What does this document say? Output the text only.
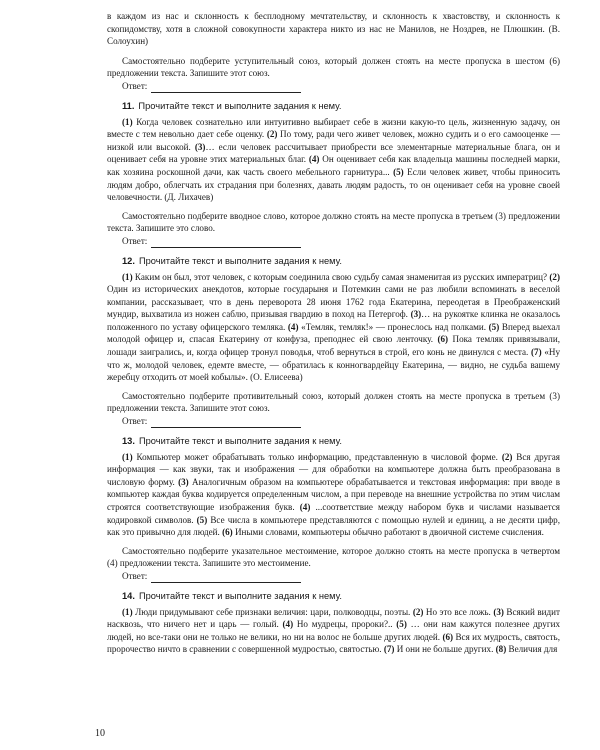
в каждом из нас и склонность к бесплодному мечтательству, и склонность к хвастовству, и склонность к скопидомству, хотя в сложной совокупности характера никто из нас не Манилов, не Ноздрев, не Плюшкин. (В. Солоухин)

Самостоятельно подберите уступительный союз, который должен стоять на месте пропуска в шестом (6) предложении текста. Запишите этот союз.

Ответ:
11. Прочитайте текст и выполните задания к нему.

(1) Когда человек сознательно или интуитивно выбирает себе в жизни какую-то цель, жизненную задачу, он вместе с тем невольно дает себе оценку. (2) По тому, ради чего живет человек, можно судить и о его самооценке — низкой или высокой. (3)… если человек рассчитывает приобрести все элементарные материальные блага, он и оценивает себя на уровне этих материальных благ. (4) Он оценивает себя как владельца машины последней марки, как хозяина роскошной дачи, как часть своего мебельного гарнитура... (5) Если человек живет, чтобы приносить людям добро, облегчать их страдания при болезнях, давать людям радость, то он оценивает себя на уровне своей человечности. (Д. Лихачев)

Самостоятельно подберите вводное слово, которое должно стоять на месте пропуска в третьем (3) предложении текста. Запишите это слово.

Ответ:
12. Прочитайте текст и выполните задания к нему.

(1) Каким он был, этот человек, с которым соединила свою судьбу самая знаменитая из русских императриц? (2) Один из исторических анекдотов, которые государыня и Потемкин сами не раз любили вспоминать в веселой компании, рассказывает, что в день переворота 28 июня 1762 года Екатерина, переодетая в Преображенский мундир, выхватила из ножен саблю, призывая гвардию в поход на Петергоф. (3)… на рукоятке клинка не оказалось положенного по уставу офицерского темляка. (4) «Темляк, темляк!» — пронеслось над полками. (5) Вперед выехал молодой офицер и, спасая Екатерину от конфуза, преподнес ей свою ленточку. (6) Пока темляк привязывали, лошади заигрались, и, когда офицер тронул поводья, чтоб вернуться в строй, его конь не двинулся с места. (7) «Ну что ж, молодой человек, едемте вместе, — обратилась к конногвардейцу Екатерина, — видно, не судьба вашему жеребцу отходить от моей кобылы». (О. Елисеева)

Самостоятельно подберите противительный союз, который должен стоять на месте пропуска в третьем (3) предложении текста. Запишите этот союз.

Ответ:
13. Прочитайте текст и выполните задания к нему.

(1) Компьютер может обрабатывать только информацию, представленную в числовой форме. (2) Вся другая информация — как звуки, так и изображения — для обработки на компьютере должна быть преобразована в числовую форму. (3) Аналогичным образом на компьютере обрабатывается и текстовая информация: при вводе в компьютер каждая буква кодируется определенным числом, а при переводе на внешние устройства по этим числам строятся соответствующие изображения букв. (4) ...соответствие между набором букв и числами называется кодировкой символов. (5) Все числа в компьютере представляются с помощью нулей и единиц, а не десяти цифр, как это привычно для людей. (6) Иными словами, компьютеры обычно работают в двоичной системе счисления.

Самостоятельно подберите указательное местоимение, которое должно стоять на месте пропуска в четвертом (4) предложении текста. Запишите это местоимение.

Ответ:
14. Прочитайте текст и выполните задания к нему.

(1) Люди придумывают себе признаки величия: цари, полководцы, поэты. (2) Но это все ложь. (3) Всякий видит насквозь, что ничего нет и царь — голый. (4) Но мудрецы, пророки?.. (5) … они нам кажутся полезнее других людей, но все-таки они не только не велики, но ни на волос не больше других людей. (6) Вся их мудрость, святость, пророчество ничто в сравнении с совершенной мудростью, святостью. (7) И они не больше других. (8) Величия для

10
